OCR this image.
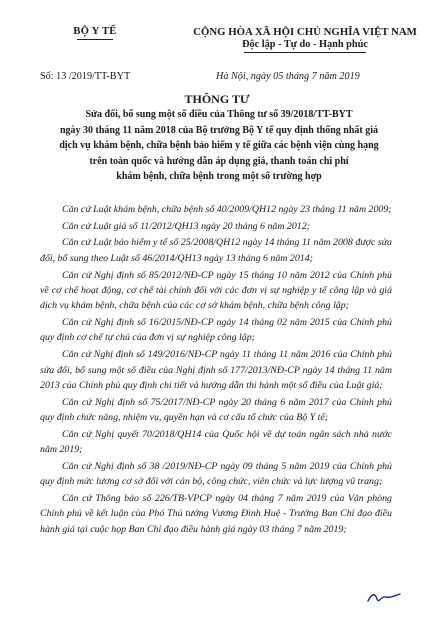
BỘ Y TẾ	CỘNG HÒA XÃ HỘI CHỦ NGHĨA VIỆT NAM
Độc lập - Tự do - Hạnh phúc
Số: 13 /2019/TT-BYT	Hà Nội, ngày 05 tháng 7 năm 2019
THÔNG TƯ
Sửa đổi, bổ sung một số điều của Thông tư số 39/2018/TT-BYT
ngày 30 tháng 11 năm 2018 của Bộ trưởng Bộ Y tế quy định thống nhất giá
dịch vụ khám bệnh, chữa bệnh bảo hiểm y tế giữa các bệnh viện cùng hạng
trên toàn quốc và hướng dẫn áp dụng giá, thanh toán chi phí
khám bệnh, chữa bệnh trong một số trường hợp

Căn cứ Luật khám bệnh, chữa bệnh số 40/2009/QH12 ngày 23 tháng 11 năm 2009;

Căn cứ Luật giá số 11/2012/QH13 ngày 20 tháng 6 năm 2012;

Căn cứ Luật bảo hiểm y tế số 25/2008/QH12 ngày 14 tháng 11 năm 2008 được sửa đổi, bổ sung theo Luật số 46/2014/QH13 ngày 13 tháng 6 năm 2014;

Căn cứ Nghị định số 85/2012/NĐ-CP ngày 15 tháng 10 năm 2012 của Chính phủ về cơ chế hoạt động, cơ chế tài chính đối với các đơn vị sự nghiệp y tế công lập và giá dịch vụ khám bệnh, chữa bệnh của các cơ sở khám bệnh, chữa bệnh công lập;

Căn cứ Nghị định số 16/2015/NĐ-CP ngày 14 tháng 02 năm 2015 của Chính phủ quy định cơ chế tự chủ của đơn vị sự nghiệp công lập;

Căn cứ Nghị định số 149/2016/NĐ-CP ngày 11 tháng 11 năm 2016 của Chính phủ sửa đổi, bổ sung một số điều của Nghị định số 177/2013/NĐ-CP ngày 14 tháng 11 năm 2013 của Chính phủ quy định chi tiết và hướng dẫn thi hành một số điều của Luật giá;

Căn cứ Nghị định số 75/2017/NĐ-CP ngày 20 tháng 6 năm 2017 của Chính phủ quy định chức năng, nhiệm vụ, quyền hạn và cơ cấu tổ chức của Bộ Y tế;

Căn cứ Nghị quyết 70/2018/QH14 của Quốc hội về dự toán ngân sách nhà nước năm 2019;

Căn cứ Nghị định số 38 /2019/NĐ-CP ngày 09 tháng 5 năm 2019 của Chính phủ quy định mức lương cơ sở đối với cán bộ, công chức, viên chức và lực lượng vũ trang;

Căn cứ Thông báo số 226/TB-VPCP ngày 04 tháng 7 năm 2019 của Văn phòng Chính phủ về kết luận của Phó Thủ tướng Vương Đình Huệ - Trưởng Ban Chỉ đạo điều hành giá tại cuộc họp Ban Chỉ đạo điều hành giá ngày 03 tháng 7 năm 2019;
